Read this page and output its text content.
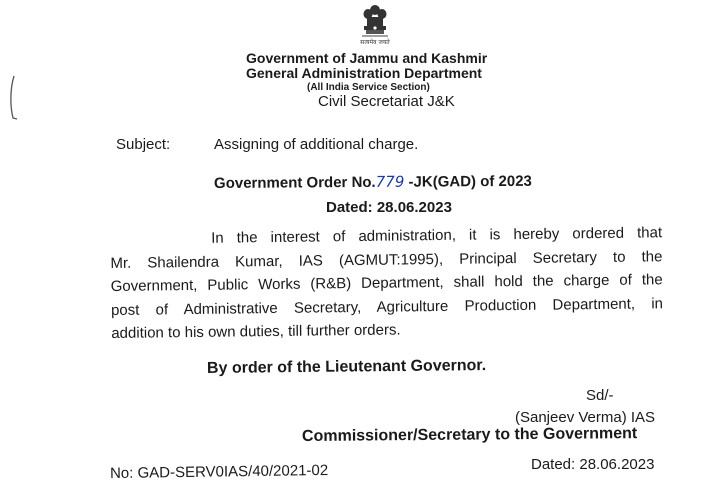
सत्यमेव जयते
Government of Jammu and Kashmir
General Administration Department
(All India Service Section)
Civil Secretariat J&K
Subject:	Assigning of additional charge.
Government Order No.779 -JK(GAD) of 2023
Dated: 28.06.2023
In the interest of administration, it is hereby ordered that
Mr. Shailendra Kumar, IAS (AGMUT:1995), Principal Secretary to the
Government, Public Works (R&B) Department, shall hold the charge of the
post of Administrative Secretary, Agriculture Production Department, in
addition to his own duties, till further orders.
By order of the Lieutenant Governor.
Sd/-
(Sanjeev Verma) IAS
Commissioner/Secretary to the Government
No: GAD-SERV0IAS/40/2021-02	Dated: 28.06.2023
